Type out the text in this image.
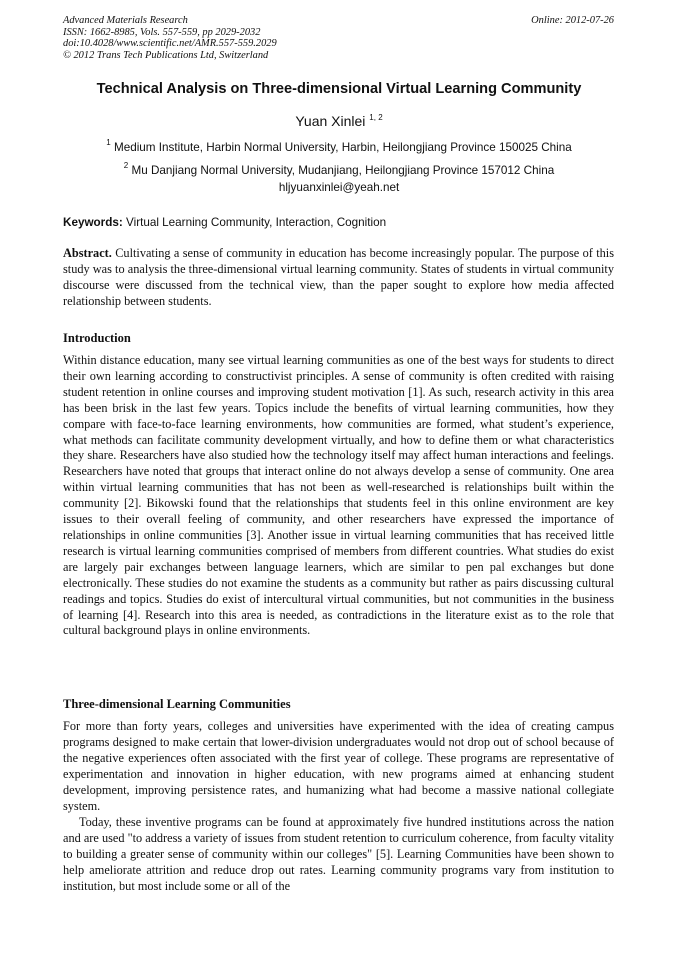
Advanced Materials Research
ISSN: 1662-8985, Vols. 557-559, pp 2029-2032
doi:10.4028/www.scientific.net/AMR.557-559.2029
© 2012 Trans Tech Publications Ltd, Switzerland
Online: 2012-07-26
Technical Analysis on Three-dimensional Virtual Learning Community
Yuan Xinlei $^{1, 2}$
$^1$ Medium Institute, Harbin Normal University, Harbin, Heilongjiang Province 150025 China
$^2$ Mu Danjiang Normal University, Mudanjiang, Heilongjiang Province 157012 China
hljyuanxinlei@yeah.net
Keywords: Virtual Learning Community, Interaction, Cognition
Abstract. Cultivating a sense of community in education has become increasingly popular. The purpose of this study was to analysis the three-dimensional virtual learning community. States of students in virtual community discourse were discussed from the technical view, than the paper sought to explore how media affected relationship between students.
Introduction
Within distance education, many see virtual learning communities as one of the best ways for students to direct their own learning according to constructivist principles. A sense of community is often credited with raising student retention in online courses and improving student motivation [1]. As such, research activity in this area has been brisk in the last few years. Topics include the benefits of virtual learning communities, how they compare with face-to-face learning environments, how communities are formed, what student’s experience, what methods can facilitate community development virtually, and how to define them or what characteristics they share. Researchers have also studied how the technology itself may affect human interactions and feelings. Researchers have noted that groups that interact online do not always develop a sense of community. One area within virtual learning communities that has not been as well-researched is relationships built within the community [2]. Bikowski found that the relationships that students feel in this online environment are key issues to their overall feeling of community, and other researchers have expressed the importance of relationships in online communities [3]. Another issue in virtual learning communities that has received little research is virtual learning communities comprised of members from different countries. What studies do exist are largely pair exchanges between language learners, which are similar to pen pal exchanges but done electronically. These studies do not examine the students as a community but rather as pairs discussing cultural readings and topics. Studies do exist of intercultural virtual communities, but not communities in the business of learning [4]. Research into this area is needed, as contradictions in the literature exist as to the role that cultural background plays in online environments.
Three-dimensional Learning Communities
For more than forty years, colleges and universities have experimented with the idea of creating campus programs designed to make certain that lower-division undergraduates would not drop out of school because of the negative experiences often associated with the first year of college. These programs are representative of experimentation and innovation in higher education, with new programs aimed at enhancing student development, improving persistence rates, and humanizing what had become a massive national collegiate system.
Today, these inventive programs can be found at approximately five hundred institutions across the nation and are used "to address a variety of issues from student retention to curriculum coherence, from faculty vitality to building a greater sense of community within our colleges" [5]. Learning Communities have been shown to help ameliorate attrition and reduce drop out rates. Learning community programs vary from institution to institution, but most include some or all of the
